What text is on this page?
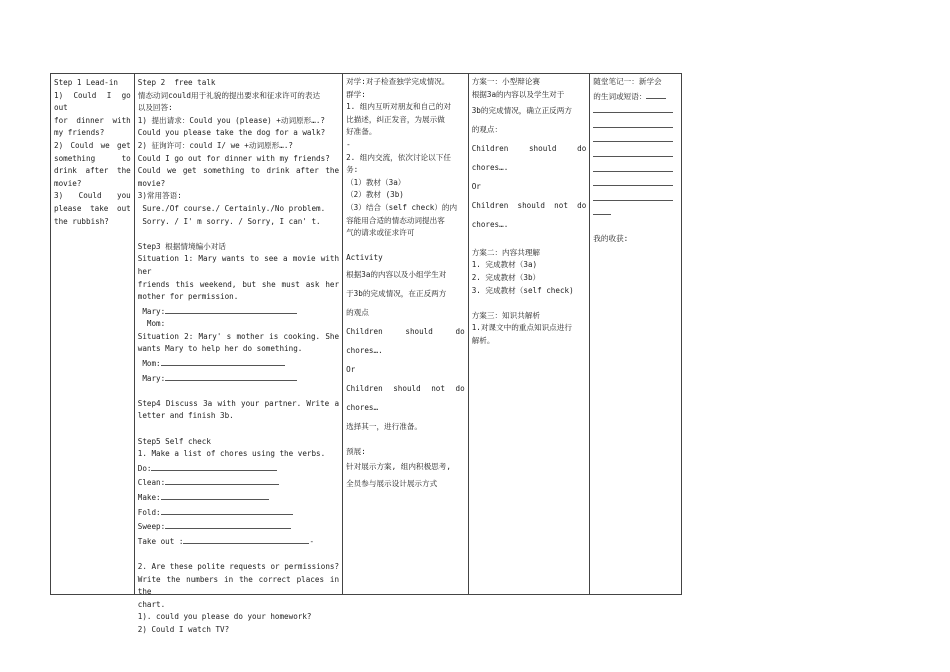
Step 1 Lead-in
1) Could I go out
for dinner with
my friends?
2) Could we get
something to
drink after the
movie?
3) Could you
please take out
the rubbish?
Step 2  free talk
情态动词could用于礼貌的提出要求和征求许可的表达
以及回答:
1) 提出请求：Could you (please) +动词原形….?
Could you please take the dog for a walk?
2) 征询许可：could I/ we +动词原形….?
Could I go out for dinner with my friends?
Could we get something to drink after the
movie?
3)常用答语:
Sure./Of course./ Certainly./No problem.
Sorry. / I' m sorry. / Sorry, I can' t.
Step3 根据情境编小对话
Situation 1: Mary wants to see a movie with her
friends this weekend, but she must ask her
mother for permission.
Mary:
Mom:
Situation 2: Mary' s mother is cooking. She
wants Mary to help her do something.
Mom:
Mary:
Step4 Discuss 3a with your partner. Write a
letter and finish 3b.
Step5 Self check
1. Make a list of chores using the verbs.
Do:
Clean:
Make:
Fold:
Sweep:
Take out :	-
2. Are these polite requests or permissions?
Write the numbers in the correct places in the
chart.
1). could you please do your homework?
2) Could I watch TV?
对学:对子检查独学完成情况。
群学:
1. 组内互听对朋友和自己的对
比描述，纠正发音，为展示做
好准备。
-
2. 组内交流，依次讨论以下任
务:
（1）教材（3a）
（2）教材 (3b)
（3）结合（self check）的内
容能用合适的情态动词提出客
气的请求或征求许可
Activity
根据3a的内容以及小组学生对
于3b的完成情况，在正反两方
的观点
Children should do
chores….
Or
Children should not do
chores…
选择其一，进行准备。
预展:
针对展示方案, 组内积极思考,
全员参与展示设计展示方式
方案一：小型辩论赛
根据3a的内容以及学生对于
3b的完成情况，确立正反两方
的观点：
Children should do
chores….
Or
Children should not do
chores….
方案二：内容共理解
1. 完成教材（3a)
2. 完成教材（3b）
3. 完成教材（self check)
方案三：知识共解析
1.对课文中的重点知识点进行
解析。
随堂笔记一：新学会
的生词或短语：
我的收获:
